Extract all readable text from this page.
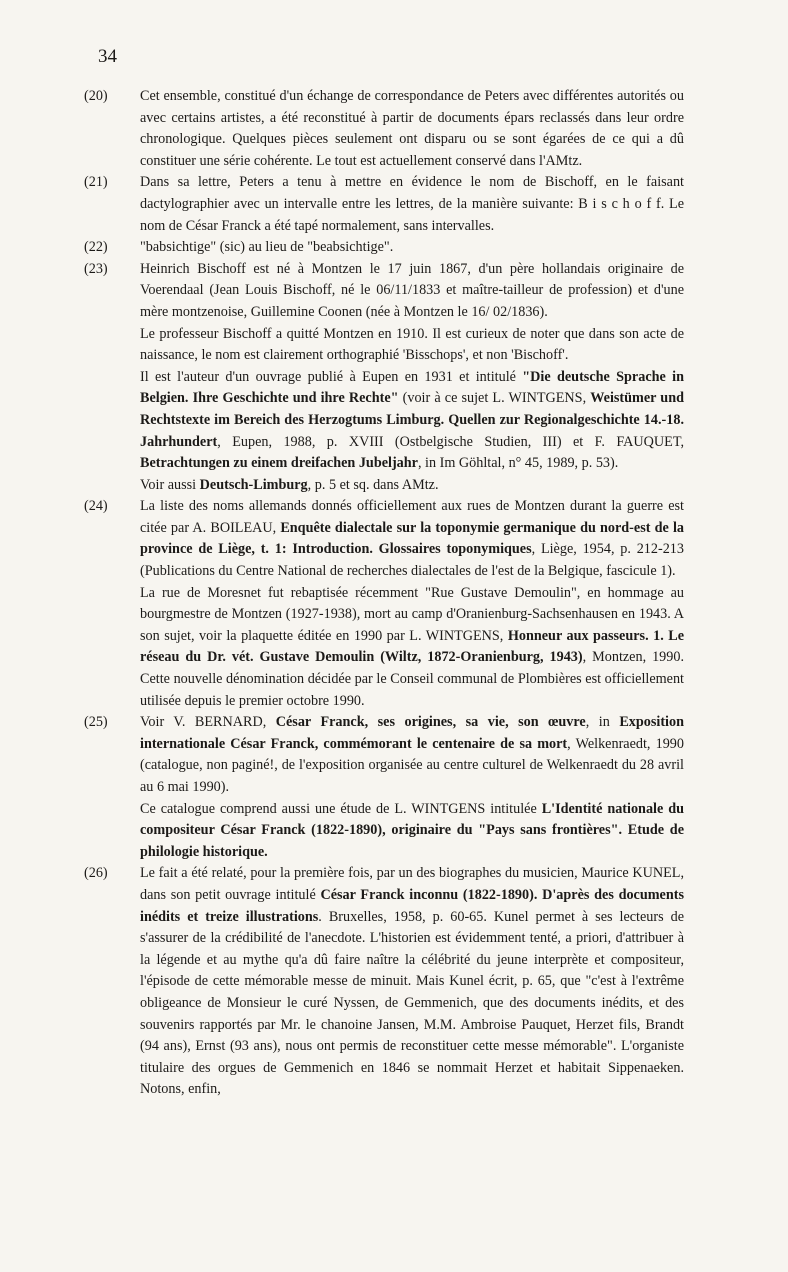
34
(20)	Cet ensemble, constitué d'un échange de correspondance de Peters avec différentes autorités ou avec certains artistes, a été reconstitué à partir de documents épars reclassés dans leur ordre chronologique. Quelques pièces seulement ont disparu ou se sont égarées de ce qui a dû constituer une série cohérente. Le tout est actuellement conservé dans l'AMtz.

(21)	Dans sa lettre, Peters a tenu à mettre en évidence le nom de Bischoff, en le faisant dactylographier avec un intervalle entre les lettres, de la manière suivante: B i s c h o f f. Le nom de César Franck a été tapé normalement, sans intervalles.

(22)	"babsichtige" (sic) au lieu de "beabsichtige".

(23)	Heinrich Bischoff est né à Montzen le 17 juin 1867, d'un père hollandais originaire de Voerendaal (Jean Louis Bischoff, né le 06/11/1833 et maître-tailleur de profession) et d'une mère montzenoise, Guillemine Coonen (née à Montzen le 16/ 02/1836).

Le professeur Bischoff a quitté Montzen en 1910. Il est curieux de noter que dans son acte de naissance, le nom est clairement orthographié 'Bisschops', et non 'Bischoff'.

Il est l'auteur d'un ouvrage publié à Eupen en 1931 et intitulé "Die deutsche Sprache in Belgien. Ihre Geschichte und ihre Rechte" (voir à ce sujet L. WINTGENS, Weistümer und Rechtstexte im Bereich des Herzogtums Limburg. Quellen zur Regionalgeschichte 14.-18. Jahrhundert, Eupen, 1988, p. XVIII (Ostbelgische Studien, III) et F. FAUQUET, Betrachtungen zu einem dreifachen Jubeljahr, in Im Göhltal, n° 45, 1989, p. 53).

Voir aussi Deutsch-Limburg, p. 5 et sq. dans AMtz.

(24)	La liste des noms allemands donnés officiellement aux rues de Montzen durant la guerre est citée par A. BOILEAU, Enquête dialectale sur la toponymie germanique du nord-est de la province de Liège, t. 1: Introduction. Glossaires toponymiques, Liège, 1954, p. 212-213 (Publications du Centre National de recherches dialectales de l'est de la Belgique, fascicule 1).

La rue de Moresnet fut rebaptisée récemment "Rue Gustave Demoulin", en hommage au bourgmestre de Montzen (1927-1938), mort au camp d'Oranienburg-Sachsenhausen en 1943. A son sujet, voir la plaquette éditée en 1990 par L. WINTGENS, Honneur aux passeurs. 1. Le réseau du Dr. vét. Gustave Demoulin (Wiltz, 1872-Oranienburg, 1943), Montzen, 1990. Cette nouvelle dénomination décidée par le Conseil communal de Plombières est officiellement utilisée depuis le premier octobre 1990.

(25)	Voir V. BERNARD, César Franck, ses origines, sa vie, son œuvre, in Exposition internationale César Franck, commémorant le centenaire de sa mort, Welkenraedt, 1990 (catalogue, non paginé!, de l'exposition organisée au centre culturel de Welkenraedt du 28 avril au 6 mai 1990).

Ce catalogue comprend aussi une étude de L. WINTGENS intitulée L'Identité nationale du compositeur César Franck (1822-1890), originaire du "Pays sans frontières". Etude de philologie historique.

(26)	Le fait a été relaté, pour la première fois, par un des biographes du musicien, Maurice KUNEL, dans son petit ouvrage intitulé César Franck inconnu (1822-1890). D'après des documents inédits et treize illustrations. Bruxelles, 1958, p. 60-65. Kunel permet à ses lecteurs de s'assurer de la crédibilité de l'anecdote. L'historien est évidemment tenté, a priori, d'attribuer à la légende et au mythe qu'a dû faire naître la célébrité du jeune interprète et compositeur, l'épisode de cette mémorable messe de minuit. Mais Kunel écrit, p. 65, que "c'est à l'extrême obligeance de Monsieur le curé Nyssen, de Gemmenich, que des documents inédits, et des souvenirs rapportés par Mr. le chanoine Jansen, M.M. Ambroise Pauquet, Herzet fils, Brandt (94 ans), Ernst (93 ans), nous ont permis de reconstituer cette messe mémorable". L'organiste titulaire des orgues de Gemmenich en 1846 se nommait Herzet et habitait Sippenaeken. Notons, enfin,
